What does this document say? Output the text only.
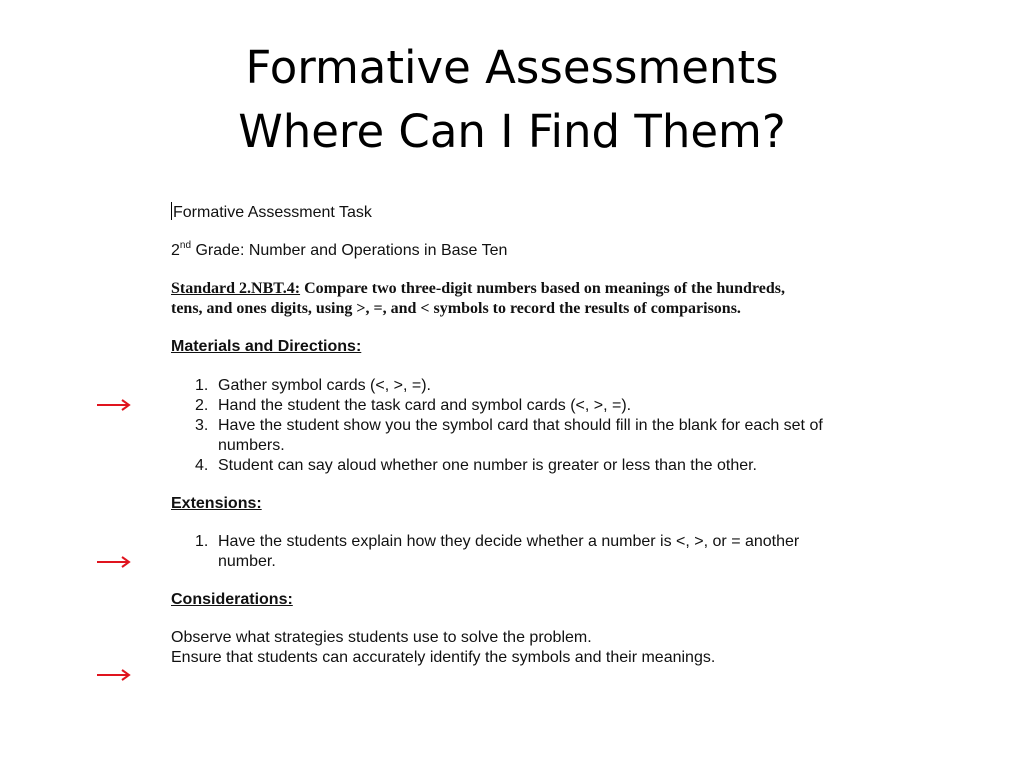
Formative Assessments
Where Can I Find Them?
Formative Assessment Task
2nd Grade: Number and Operations in Base Ten
Standard 2.NBT.4: Compare two three-digit numbers based on meanings of the hundreds, tens, and ones digits, using >, =, and < symbols to record the results of comparisons.
Materials and Directions:
1. Gather symbol cards (<, >, =).
2. Hand the student the task card and symbol cards (<, >, =).
3. Have the student show you the symbol card that should fill in the blank for each set of numbers.
4. Student can say aloud whether one number is greater or less than the other.
Extensions:
1. Have the students explain how they decide whether a number is <, >, or = another number.
Considerations:
Observe what strategies students use to solve the problem.
Ensure that students can accurately identify the symbols and their meanings.
